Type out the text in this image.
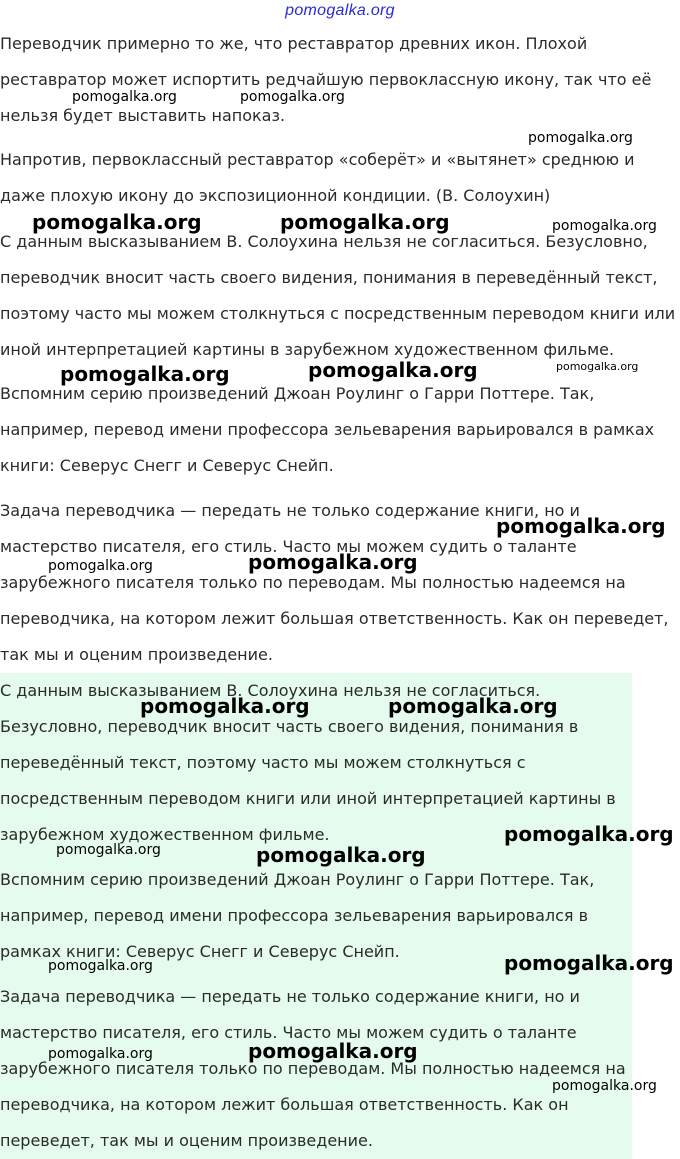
pomogalka.org

Переводчик примерно то же, что реставратор древних икон. Плохой реставратор может испортить редчайшую первоклассную икону, так что её нельзя будет выставить напоказ.

Напротив, первоклассный реставратор «соберёт» и «вытянет» среднюю и даже плохую икону до экспозиционной кондиции. (В. Солоухин)

С данным высказыванием В. Солоухина нельзя не согласиться. Безусловно, переводчик вносит часть своего видения, понимания в переведённый текст, поэтому часто мы можем столкнуться с посредственным переводом книги или иной интерпретацией картины в зарубежном художественном фильме.

Вспомним серию произведений Джоан Роулинг о Гарри Поттере. Так, например, перевод имени профессора зельеварения варьировался в рамках книги: Северус Снегг и Северус Снейп.

Задача переводчика — передать не только содержание книги, но и мастерство писателя, его стиль. Часто мы можем судить о таланте зарубежного писателя только по переводам. Мы полностью надеемся на переводчика, на котором лежит большая ответственность. Как он переведет, так мы и оценим произведение.

С данным высказыванием В. Солоухина нельзя не согласиться. Безусловно, переводчик вносит часть своего видения, понимания в переведённый текст, поэтому часто мы можем столкнуться с посредственным переводом книги или иной интерпретацией картины в зарубежном художественном фильме.

Вспомним серию произведений Джоан Роулинг о Гарри Поттере. Так, например, перевод имени профессора зельеварения варьировался в рамках книги: Северус Снегг и Северус Снейп.

Задача переводчика — передать не только содержание книги, но и мастерство писателя, его стиль. Часто мы можем судить о таланте зарубежного писателя только по переводам. Мы полностью надеемся на переводчика, на котором лежит большая ответственность. Как он переведет, так мы и оценим произведение.

pomogalka.org	pomogalka.org
pomogalka.org
pomogalka.org	pomogalka.org	pomogalka.org
pomogalka.org	pomogalka.org	pomogalka.org
pomogalka.org
pomogalka.org	pomogalka.org
pomogalka.org	pomogalka.org
pomogalka.org
pomogalka.org	pomogalka.org
pomogalka.org	pomogalka.org
pomogalka.org	pomogalka.org
pomogalka.org
